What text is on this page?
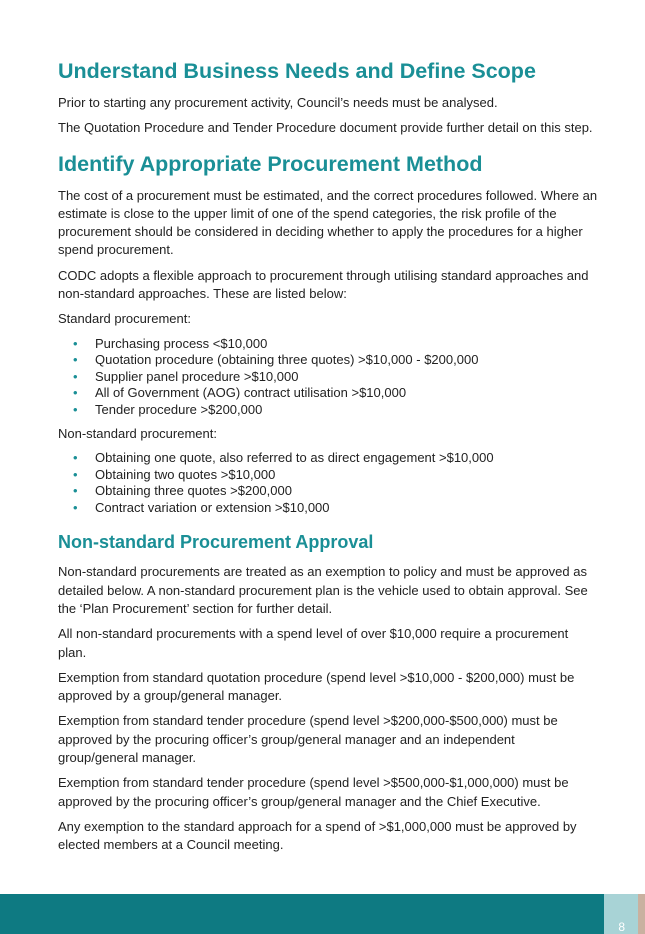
Understand Business Needs and Define Scope

Prior to starting any procurement activity, Council’s needs must be analysed.

The Quotation Procedure and Tender Procedure document provide further detail on this step.

Identify Appropriate Procurement Method

The cost of a procurement must be estimated, and the correct procedures followed. Where an estimate is close to the upper limit of one of the spend categories, the risk profile of the procurement should be considered in deciding whether to apply the procedures for a higher spend procurement.

CODC adopts a flexible approach to procurement through utilising standard approaches and non-standard approaches. These are listed below:

Standard procurement:

• Purchasing process <$10,000
• Quotation procedure (obtaining three quotes) >$10,000 - $200,000
• Supplier panel procedure >$10,000
• All of Government (AOG) contract utilisation >$10,000
• Tender procedure >$200,000

Non-standard procurement:

• Obtaining one quote, also referred to as direct engagement >$10,000
• Obtaining two quotes >$10,000
• Obtaining three quotes >$200,000
• Contract variation or extension >$10,000
Non-standard Procurement Approval

Non-standard procurements are treated as an exemption to policy and must be approved as detailed below. A non-standard procurement plan is the vehicle used to obtain approval. See the ‘Plan Procurement’ section for further detail.

All non-standard procurements with a spend level of over $10,000 require a procurement plan.

Exemption from standard quotation procedure (spend level >$10,000 - $200,000) must be approved by a group/general manager.

Exemption from standard tender procedure (spend level >$200,000-$500,000) must be approved by the procuring officer’s group/general manager and an independent group/general manager.

Exemption from standard tender procedure (spend level >$500,000-$1,000,000) must be approved by the procuring officer’s group/general manager and the Chief Executive.

Any exemption to the standard approach for a spend of >$1,000,000 must be approved by elected members at a Council meeting.

8
